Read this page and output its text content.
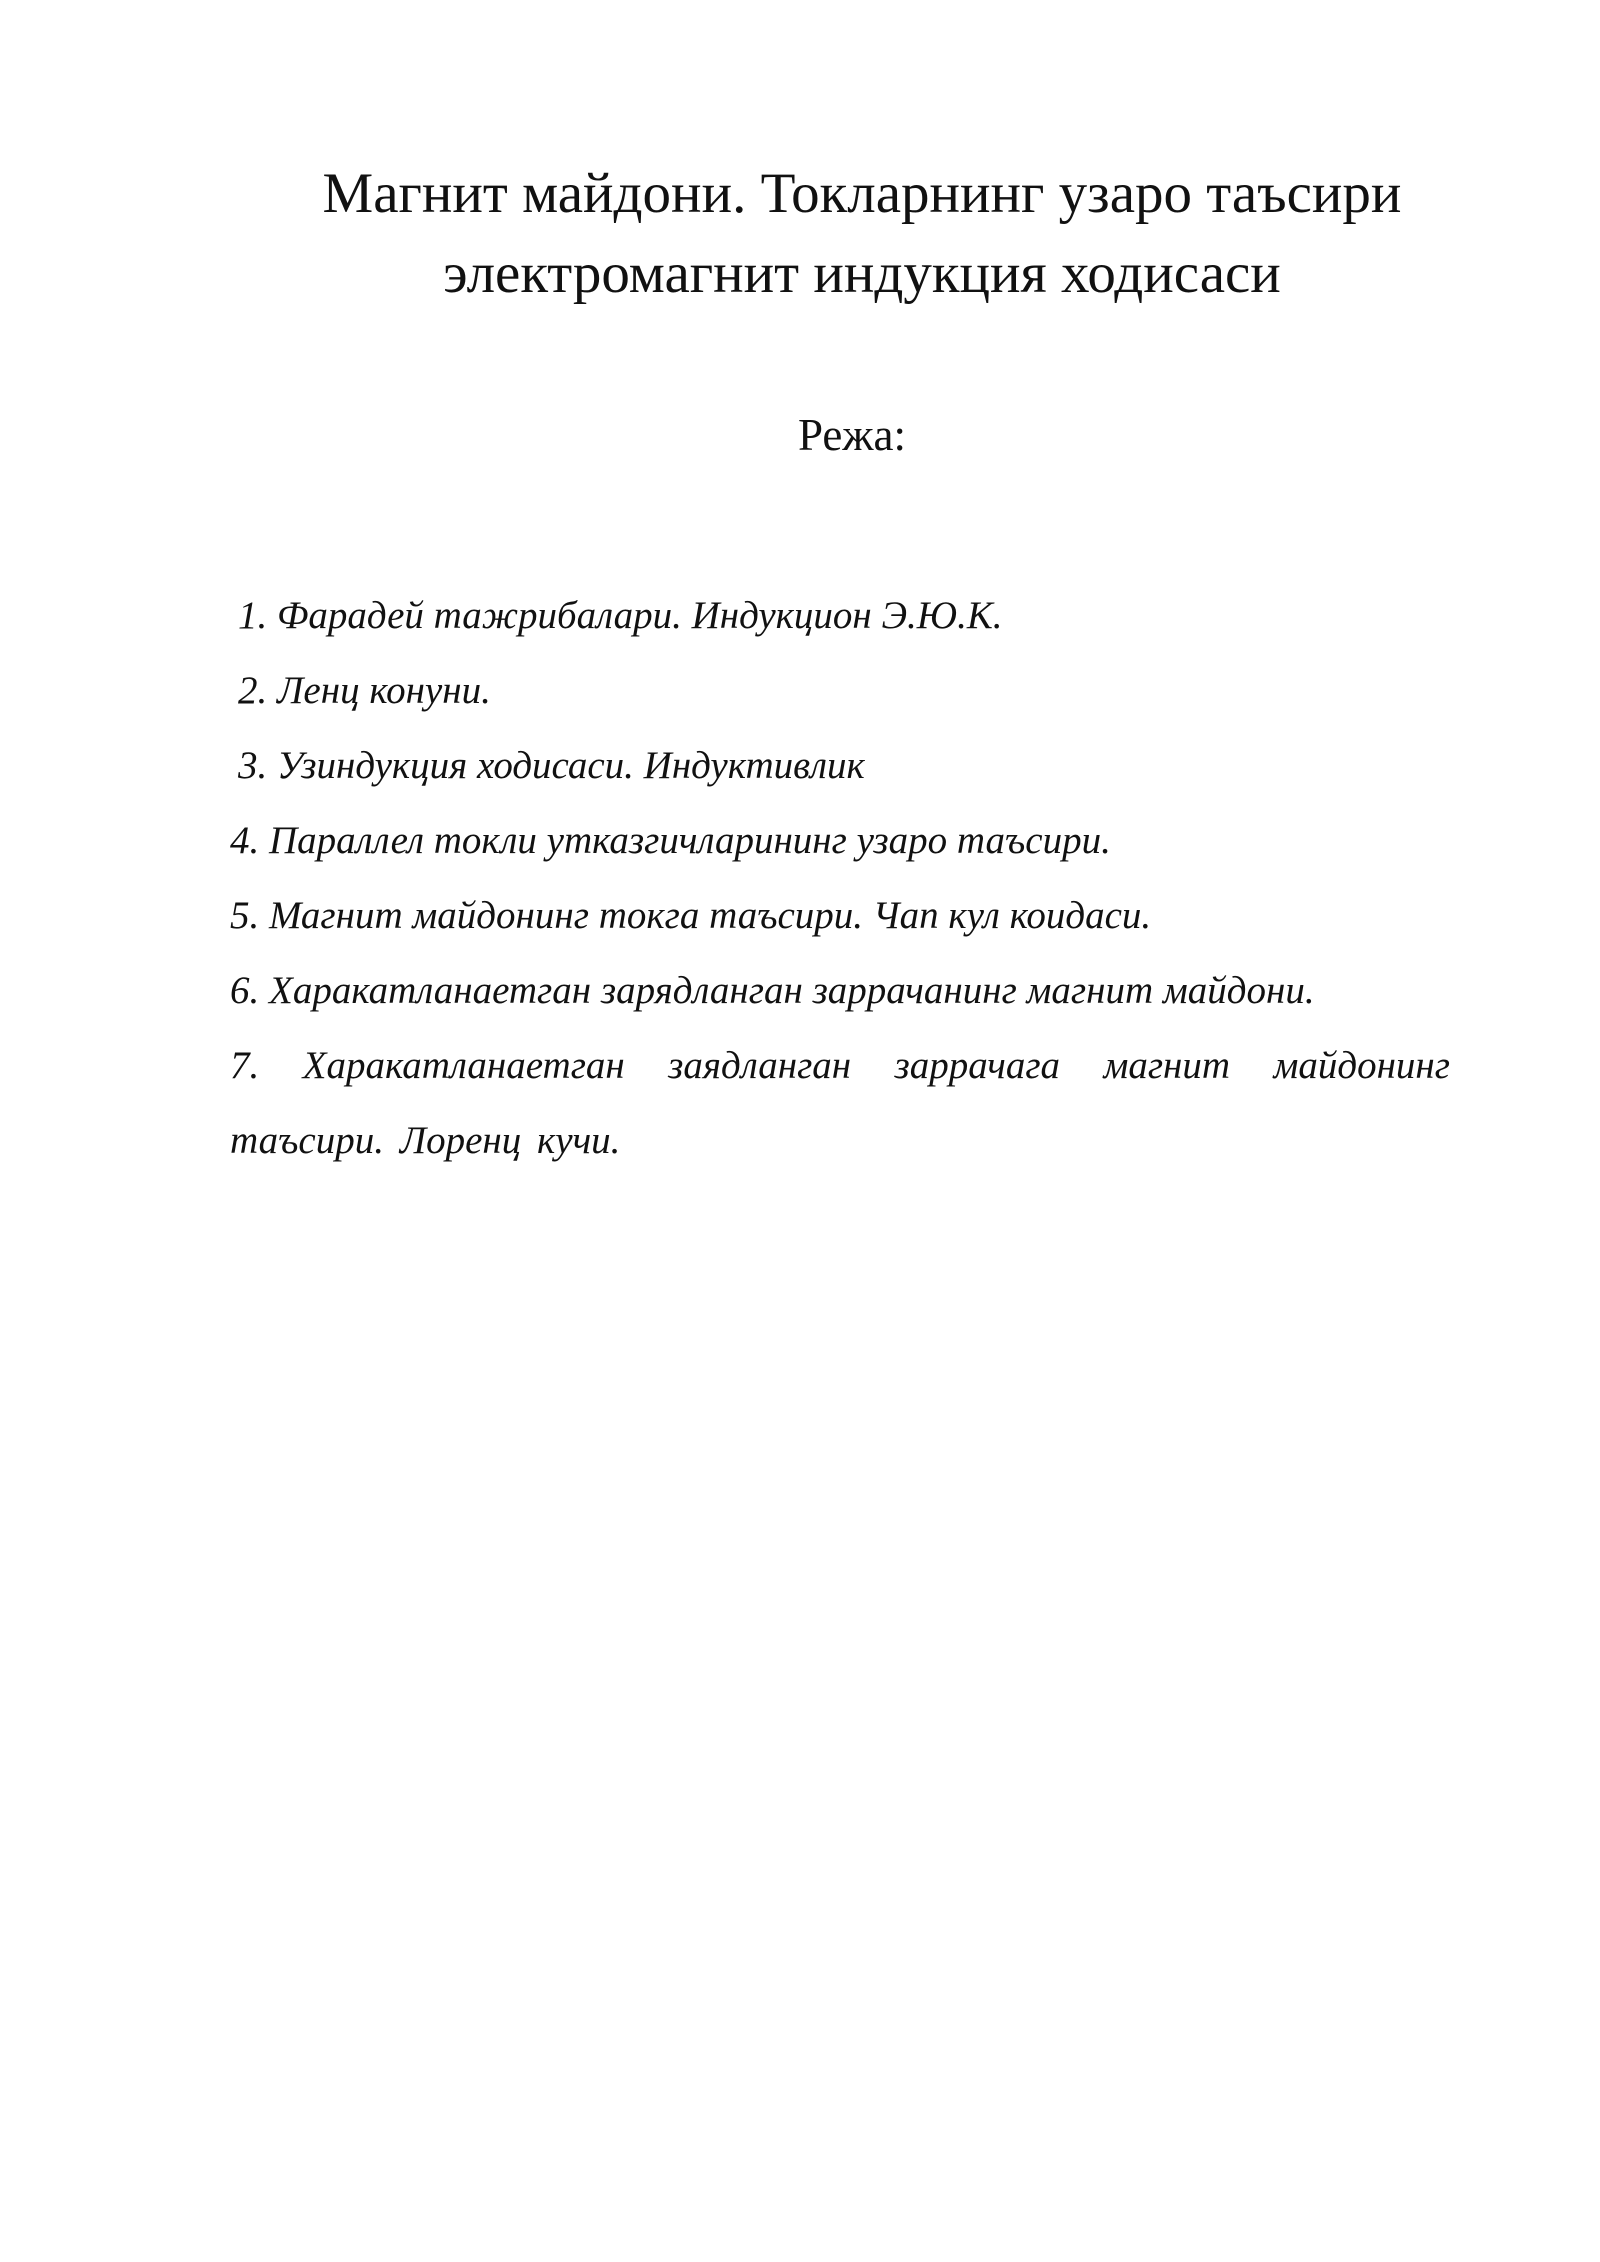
Магнит майдони. Токларнинг узаро таъсири
электромагнит индукция ходисаси

Режа:

1. Фарадей тажрибалари. Индукцион Э.Ю.К.
2. Ленц конуни.
3. Узиндукция ходисаси. Индуктивлик
4. Параллел токли утказгичларининг узаро таъсири.
5. Магнит майдонинг токга таъсири. Чап кул коидаси.
6. Харакатланаетган зарядланган заррачанинг магнит майдони.
7. Харакатланаетган заядланган заррачага магнит майдонинг таъсири. Лоренц кучи.
